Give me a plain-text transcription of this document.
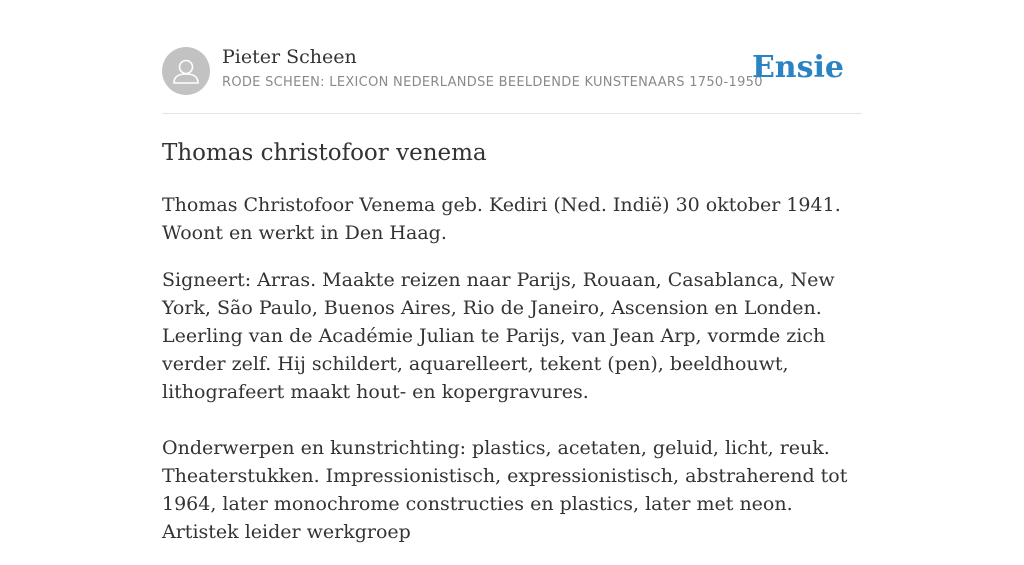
Pieter Scheen
RODE SCHEEN: LEXICON NEDERLANDSE BEELDENDE KUNSTENAARS 1750-1950
Ensie
Thomas christofoor venema

Thomas Christofoor Venema geb. Kediri (Ned. Indië) 30 oktober 1941. Woont en werkt in Den Haag.

Signeert: Arras. Maakte reizen naar Parijs, Rouaan, Casablanca, New York, São Paulo, Buenos Aires, Rio de Janeiro, Ascension en Londen. Leerling van de Académie Julian te Parijs, van Jean Arp, vormde zich verder zelf. Hij schildert, aquarelleert, tekent (pen), beeldhouwt, lithografeert maakt hout- en kopergravures.

Onderwerpen en kunstrichting: plastics, acetaten, geluid, licht, reuk. Theaterstukken. Impressionistisch, expressionistisch, abstraherend tot 1964, later monochrome constructies en plastics, later met neon. Artistek leider werkgroep
